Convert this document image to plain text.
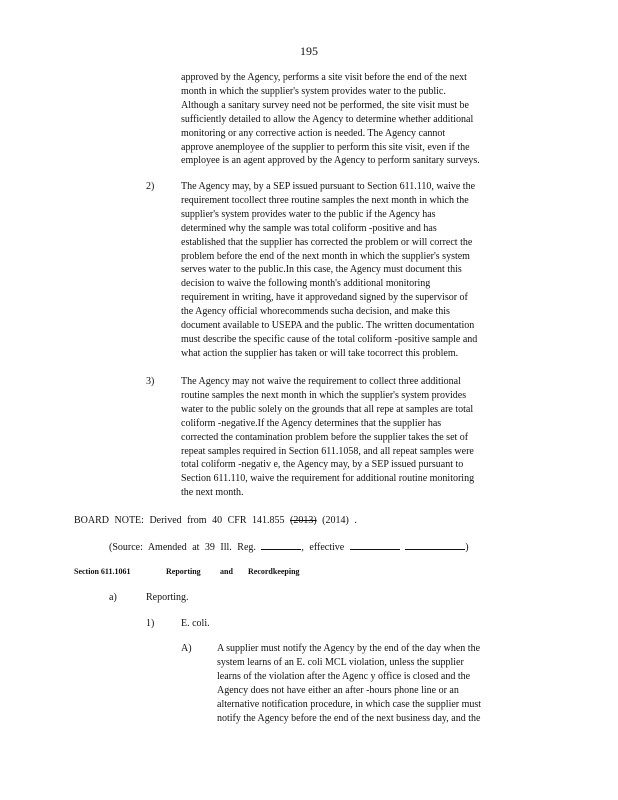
195
approved by the Agency, performs a site visit before the end of the next
month in which the supplier's system provides water to the public.
Although a sanitary survey need not be performed, the site visit must be
sufficiently detailed to allow the Agency to determine whether additional
monitoring or any corrective action is needed. The Agency cannot
approve anemployee of the supplier to perform this site visit, even if the
employee is an agent approved by the Agency to perform sanitary surveys.
2)	The Agency may, by a SEP issued pursuant to Section 611.110, waive the
requirement tocollect three routine samples the next month in which the
supplier's system provides water to the public if the Agency has
determined why the sample was total coliform -positive and has
established that the supplier has corrected the problem or will correct the
problem before the end of the next month in which the supplier's system
serves water to the public.In this case, the Agency must document this
decision to waive the following month's additional monitoring
requirement in writing, have it approvedand signed by the supervisor of
the Agency official whorecommends sucha decision, and make this
document available to USEPA and the public. The written documentation
must describe the specific cause of the total coliform -positive sample and
what action the supplier has taken or will take tocorrect this problem.
3)	The Agency may not waive the requirement to collect three additional
routine samples the next month in which the supplier's system provides
water to the public solely on the grounds that all repe at samples are total
coliform -negative.If the Agency determines that the supplier has
corrected the contamination problem before the supplier takes the set of
repeat samples required in Section 611.1058, and all repeat samples were
total coliform -negativ e, the Agency may, by a SEP issued pursuant to
Section 611.110, waive the requirement for additional routine monitoring
the next month.
BOARD NOTE: Derived from 40 CFR 141.855 (2013) (2014) .
(Source: Amended at 39 Ill. Reg.	, effective	)
Section 611.1061	Reporting and Recordkeeping
a)	Reporting.
1)	E. coli.
A)	A supplier must notify the Agency by the end of the day when the
system learns of an E. coli MCL violation, unless the supplier
learns of the violation after the Agenc y office is closed and the
Agency does not have either an after -hours phone line or an
alternative notification procedure, in which case the supplier must
notify the Agency before the end of the next business day, and the
